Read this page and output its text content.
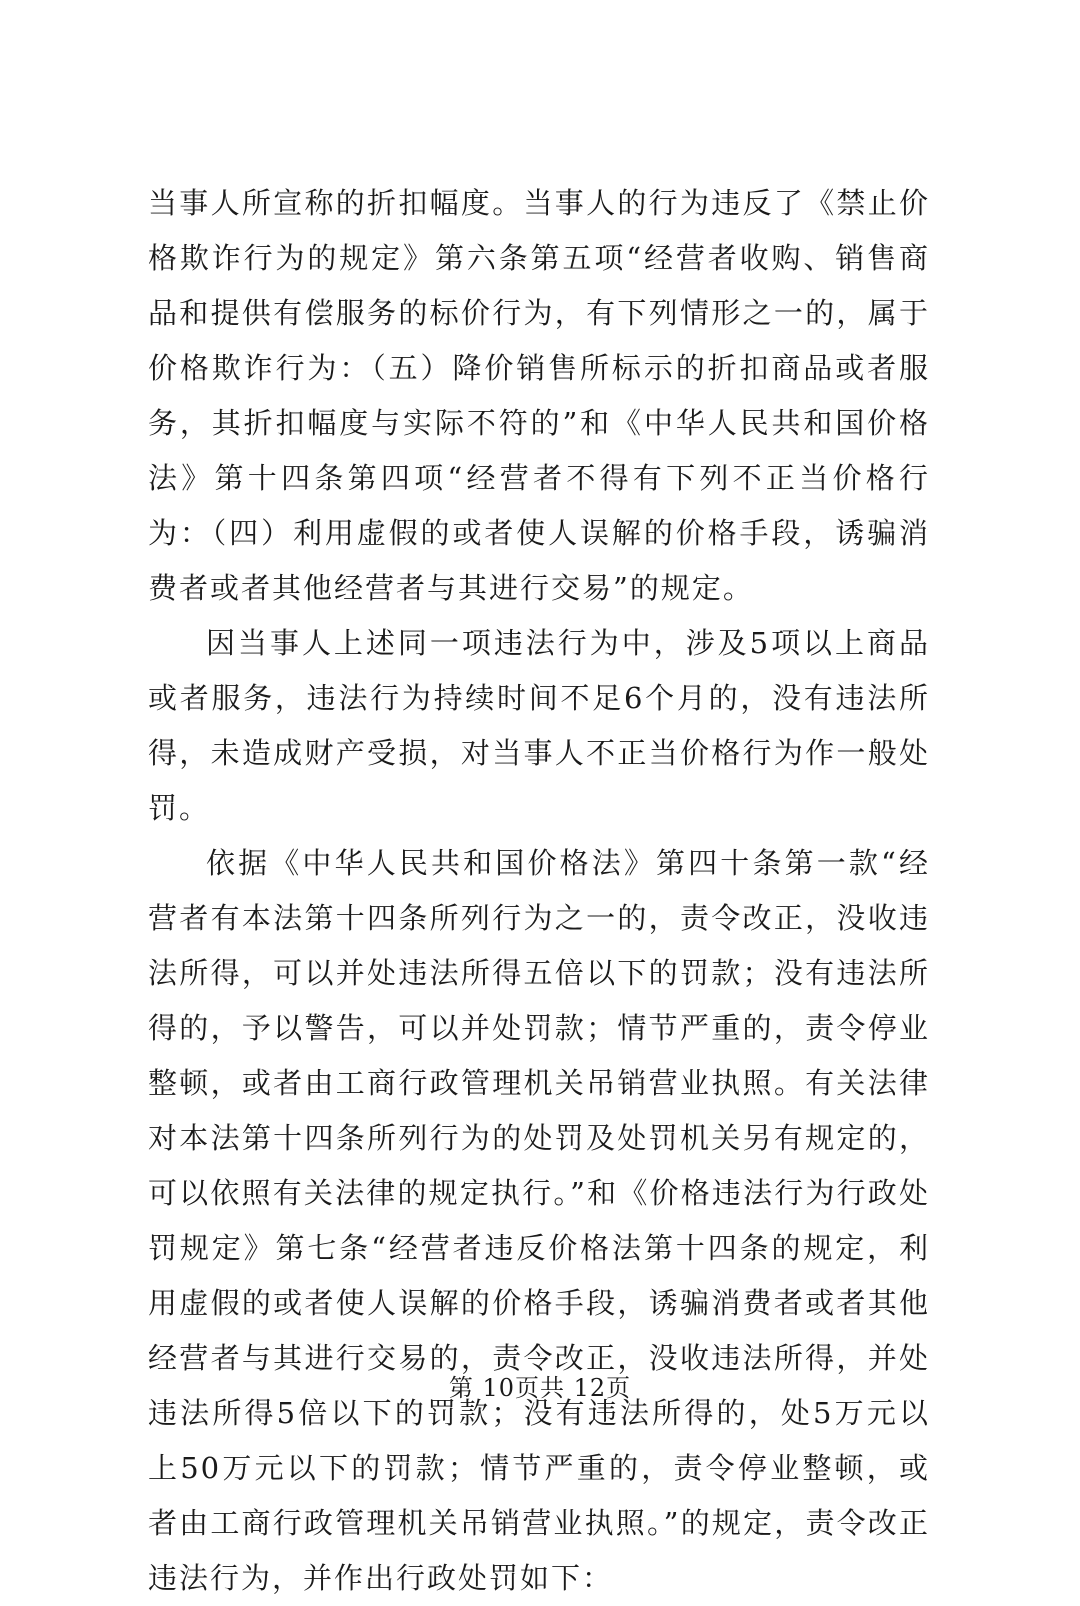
当事人所宣称的折扣幅度。当事人的行为违反了《禁止价格欺诈行为的规定》第六条第五项“经营者收购、销售商品和提供有偿服务的标价行为，有下列情形之一的，属于价格欺诈行为：（五）降价销售所标示的折扣商品或者服务，其折扣幅度与实际不符的”和《中华人民共和国价格法》第十四条第四项“经营者不得有下列不正当价格行为：（四）利用虚假的或者使人误解的价格手段，诱骗消费者或者其他经营者与其进行交易”的规定。

因当事人上述同一项违法行为中，涉及5项以上商品或者服务，违法行为持续时间不足6个月的，没有违法所得，未造成财产受损，对当事人不正当价格行为作一般处罚。

依据《中华人民共和国价格法》第四十条第一款“经营者有本法第十四条所列行为之一的，责令改正，没收违法所得，可以并处违法所得五倍以下的罚款；没有违法所得的，予以警告，可以并处罚款；情节严重的，责令停业整顿，或者由工商行政管理机关吊销营业执照。有关法律对本法第十四条所列行为的处罚及处罚机关另有规定的，可以依照有关法律的规定执行。”和《价格违法行为行政处罚规定》第七条“经营者违反价格法第十四条的规定，利用虚假的或者使人误解的价格手段，诱骗消费者或者其他经营者与其进行交易的，责令改正，没收违法所得，并处违法所得5倍以下的罚款；没有违法所得的，处5万元以上50万元以下的罚款；情节严重的，责令停业整顿，或者由工商行政管理机关吊销营业执照。”的规定，责令改正违法行为，并作出行政处罚如下：

第 10页共 12页
